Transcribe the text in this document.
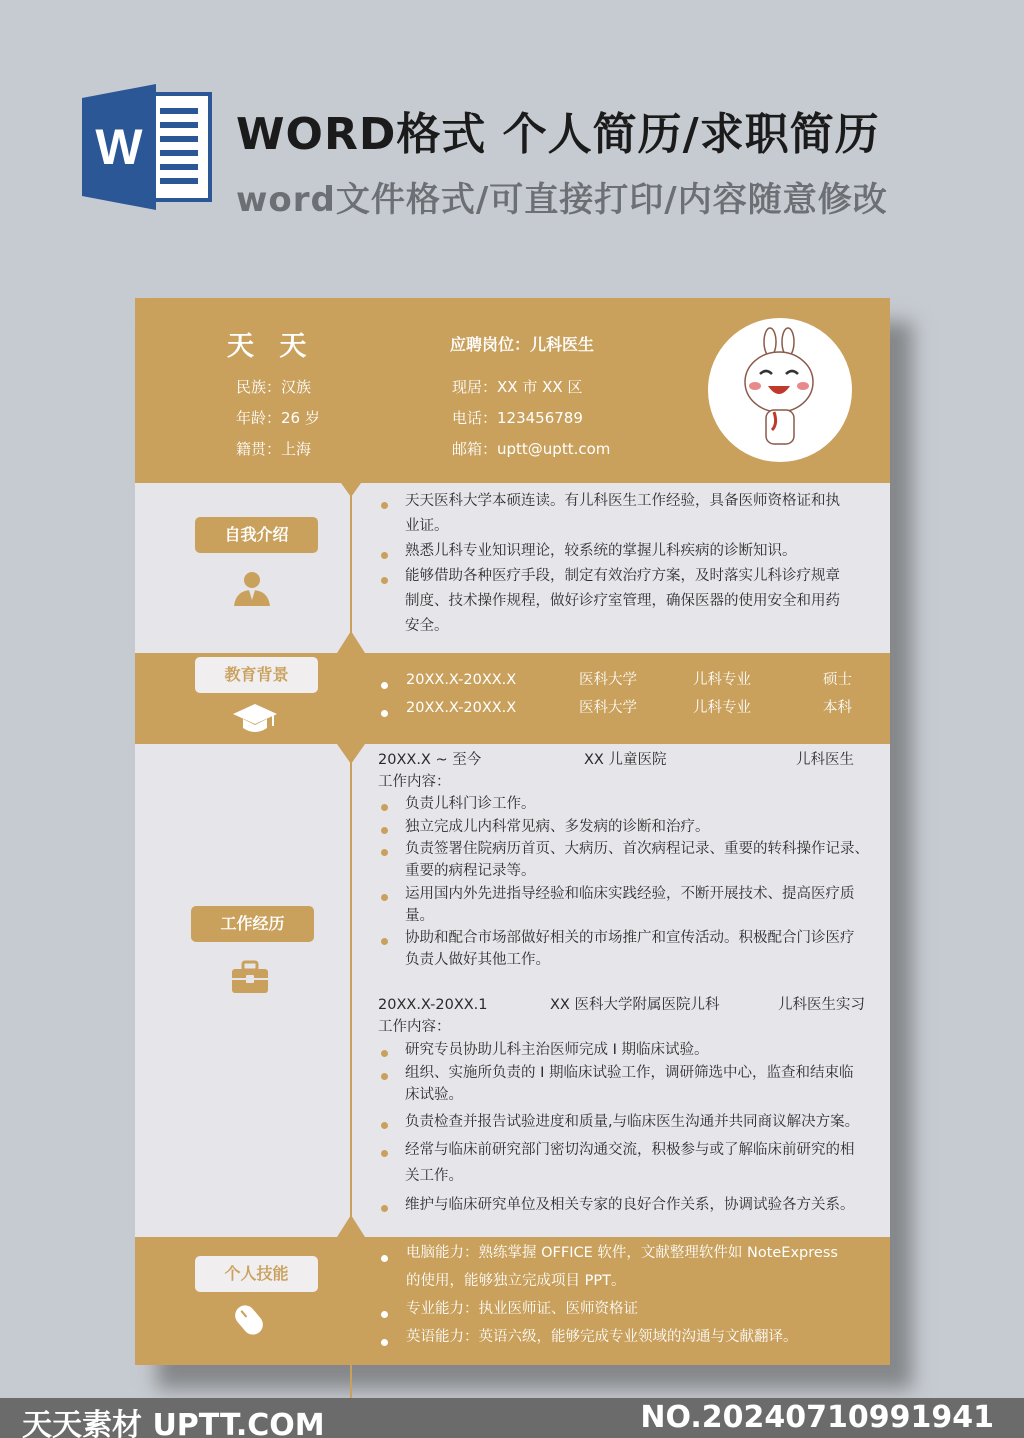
W WORD格式 个人简历/求职简历
word文件格式/可直接打印/内容随意修改
天 天	应聘岗位：儿科医生
民族：汉族
年龄：26 岁
籍贯：上海
现居：XX 市 XX 区
电话：123456789
邮箱：uptt@uptt.com
自我介绍
天天医科大学本硕连读。有儿科医生工作经验，具备医师资格证和执
业证。
熟悉儿科专业知识理论，较系统的掌握儿科疾病的诊断知识。
能够借助各种医疗手段，制定有效治疗方案，及时落实儿科诊疗规章
制度、技术操作规程，做好诊疗室管理，确保医器的使用安全和用药
安全。
教育背景	20XX.X-20XX.X	医科大学	儿科专业	硕士
20XX.X-20XX.X	医科大学	儿科专业	本科
工作经历
20XX.X ~ 至今	XX 儿童医院	儿科医生
工作内容：
负责儿科门诊工作。
独立完成儿内科常见病、多发病的诊断和治疗。
负责签署住院病历首页、大病历、首次病程记录、重要的转科操作记录、
重要的病程记录等。
运用国内外先进指导经验和临床实践经验，不断开展技术、提高医疗质
量。
协助和配合市场部做好相关的市场推广和宣传活动。积极配合门诊医疗
负责人做好其他工作。
20XX.X-20XX.1	XX 医科大学附属医院儿科	儿科医生实习
工作内容：
研究专员协助儿科主治医师完成 I 期临床试验。
组织、实施所负责的 I 期临床试验工作，调研筛选中心，监查和结束临
床试验。
负责检查并报告试验进度和质量,与临床医生沟通并共同商议解决方案。
经常与临床前研究部门密切沟通交流，积极参与或了解临床前研究的相
关工作。
维护与临床研究单位及相关专家的良好合作关系，协调试验各方关系。
个人技能
电脑能力：熟练掌握 OFFICE 软件，文献整理软件如 NoteExpress
的使用，能够独立完成项目 PPT。
专业能力：执业医师证、医师资格证
英语能力：英语六级，能够完成专业领域的沟通与文献翻译。
天天素材 UPTT.COM	NO.20240710991941
